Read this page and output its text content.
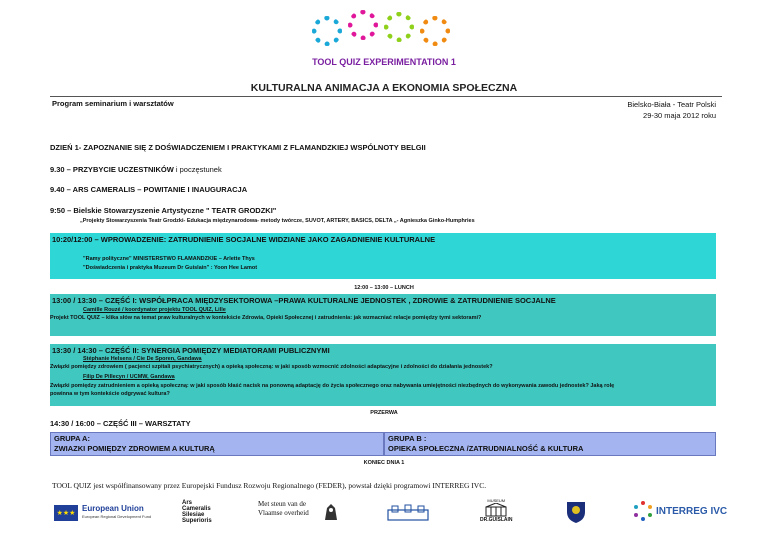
TOOL QUIZ EXPERIMENTATION 1
KULTURALNA ANIMACJA A EKONOMIA SPOŁECZNA
Program seminarium i warsztatów	Bielsko-Biała - Teatr Polski
29-30 maja 2012 roku
DZIEŃ 1- ZAPOZNANIE SIĘ Z DOŚWIADCZENIEM I PRAKTYKAMI Z FLAMANDZKIEJ WSPÓLNOTY BELGII
9.30 – PRZYBYCIE UCZESTNIKÓW i poczęstunek
9.40 – ARS CAMERALIS – POWITANIE I INAUGURACJA
9:50 – Bielskie Stowarzyszenie Artystyczne " TEATR GRODZKI"
„Projekty Stowarzyszenia Teatr Grodzki- Edukacja międzynarodowa- metody twórcze, SUVOT, ARTERY, BASICS, DELTA „- Agnieszka Ginko-Humphries
10:20/12:00 – WPROWADZENIE: ZATRUDNIENIE SOCJALNE WIDZIANE JAKO ZAGADNIENIE KULTURALNE
"Ramy polityczne" MINISTERSTWO FLAMANDZKIE – Arlette Thys
"Doświadczenia i praktyka Muzeum Dr Guislain" : Yoon Hee Lamot
12:00 – 13:00 – LUNCH
13:00 / 13:30 – CZĘŚĆ I: WSPÓŁPRACA MIĘDZYSEKTOROWA –PRAWA KULTURALNE JEDNOSTEK , ZDROWIE & ZATRUDNIENIE SOCJALNE
Camille Rouzé / koordynator projektu TOOL QUIZ, Lille
Projekt TOOL QUIZ – klika słów na temat praw kulturalnych w kontekście Zdrowia, Opieki Społecznej i zatrudnienia: jak wzmacniać relacje pomiędzy tymi sektorami?
13:30 / 14:30 – CZĘŚĆ II: SYNERGIA POMIĘDZY MEDIATORAMI PUBLICZNYMI
Stéphanie Helsens / Cie De Sporen, Gandawa
Związki pomiędzy zdrowiem ( pacjenci szpitali psychiatrycznych) a opieką społeczną: w jaki sposób wzmocnić zdolności adaptacyjne i zdolności do działania jednostek?
Filip De Pillecyn / UCMW, Gandawa
Związki pomiędzy zatrudnieniem a opieką społeczną: w jaki sposób kłaść nacisk na ponowną adaptację do życia społecznego oraz nabywania umiejętności niezbędnych do wykonywania zawodu jednostek? Jaką rolę
powinna w tym kontekście odgrywać kultura?
PRZERWA
14:30 / 16:00 – CZĘŚĆ III – WARSZTATY
GRUPA A:
ZWIAZKI POMIĘDZY ZDROWIEM A KULTURĄ
GRUPA B :
OPIEKA SPOŁECZNA /ZATRUDNIALNOŚĆ & KULTURA
KONIEC DNIA 1
TOOL QUIZ jest współfinansowany przez Europejski Fundusz Rozwoju Regionalnego (FEDER), powstał dzięki programowi INTERREG IVC.
★★★
European Union
European Regional Development Fund
Ars
Cameralis
Silesiae
Superioris
Met steun van de
Vlaamse overheid
MUSEUM
DR.GUISLAIN
INTERREG IVC
